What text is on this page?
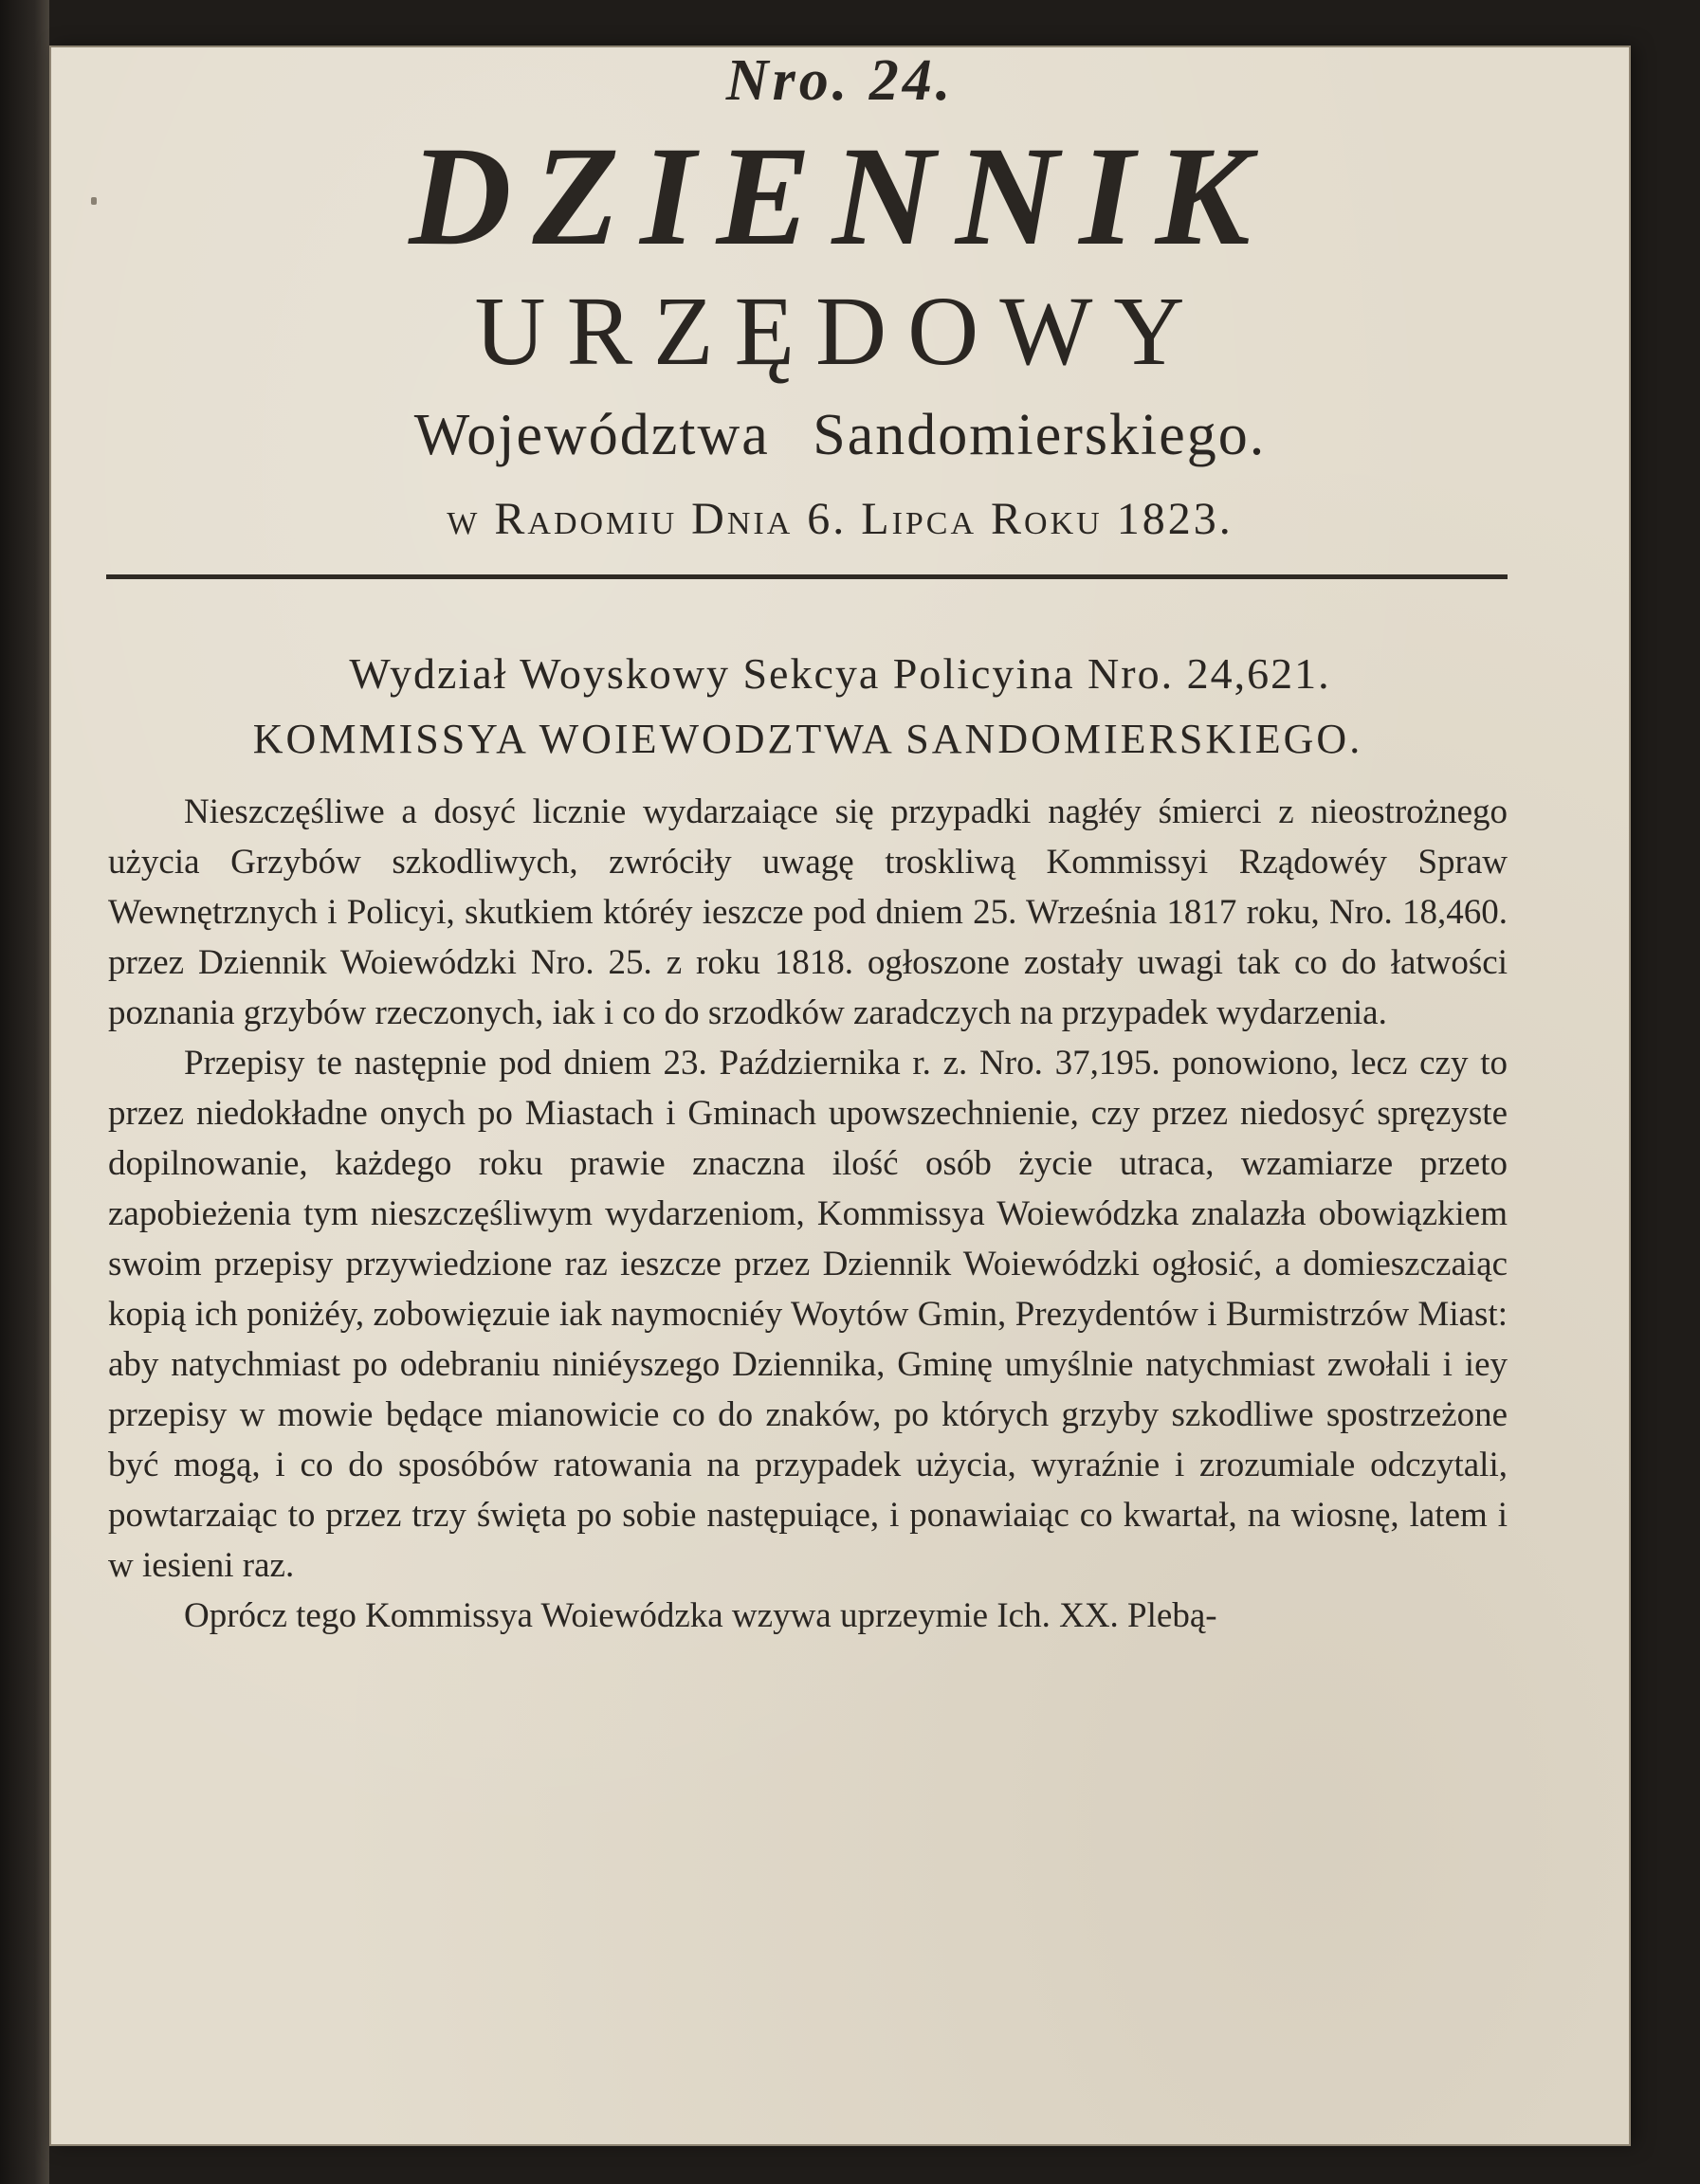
Nro. 24.
DZIENNIK
URZĘDOWY
Województwa Sandomierskiego.
w Radomiu Dnia 6. Lipca Roku 1823.
Wydział Woyskowy Sekcya Policyina Nro. 24,621.
KOMMISSYA WOIEWODZTWA SANDOMIERSKIEGO.

Nieszczęśliwe a dosyć licznie wydarzaiące się przypadki nagłéy śmierci z nieostrożnego użycia Grzybów szkodliwych, zwróciły uwagę troskliwą Kommissyi Rządowéy Spraw Wewnętrznych i Policyi, skutkiem któréy ieszcze pod dniem 25. Września 1817 roku, Nro. 18,460. przez Dziennik Woiewódzki Nro. 25. z roku 1818. ogłoszone zostały uwagi tak co do łatwości poznania grzybów rzeczonych, iak i co do srzodków zaradczych na przypadek wydarzenia.

Przepisy te następnie pod dniem 23. Października r. z. Nro. 37,195. ponowiono, lecz czy to przez niedokładne onych po Miastach i Gminach upowszechnienie, czy przez niedosyć spręzyste dopilnowanie, każdego roku prawie znaczna ilość osób życie utraca, wzamiarze przeto zapobieżenia tym nieszczęśliwym wydarzeniom, Kommissya Woiewódzka znalazła obowiązkiem swoim przepisy przywiedzione raz ieszcze przez Dziennik Woiewódzki ogłosić, a domieszczaiąc kopią ich poniżéy, zobowięzuie iak naymocniéy Woytów Gmin, Prezydentów i Burmistrzów Miast: aby natychmiast po odebraniu niniéyszego Dziennika, Gminę umyślnie natychmiast zwołali i iey przepisy w mowie będące mianowicie co do znaków, po których grzyby szkodliwe spostrzeżone być mogą, i co do sposóbów ratowania na przypadek użycia, wyraźnie i zrozumiale odczytali, powtarzaiąc to przez trzy święta po sobie następuiące, i ponawiaiąc co kwartał, na wiosnę, latem i w iesieni raz.

Oprócz tego Kommissya Woiewódzka wzywa uprzeymie Ich. XX. Plebą-
